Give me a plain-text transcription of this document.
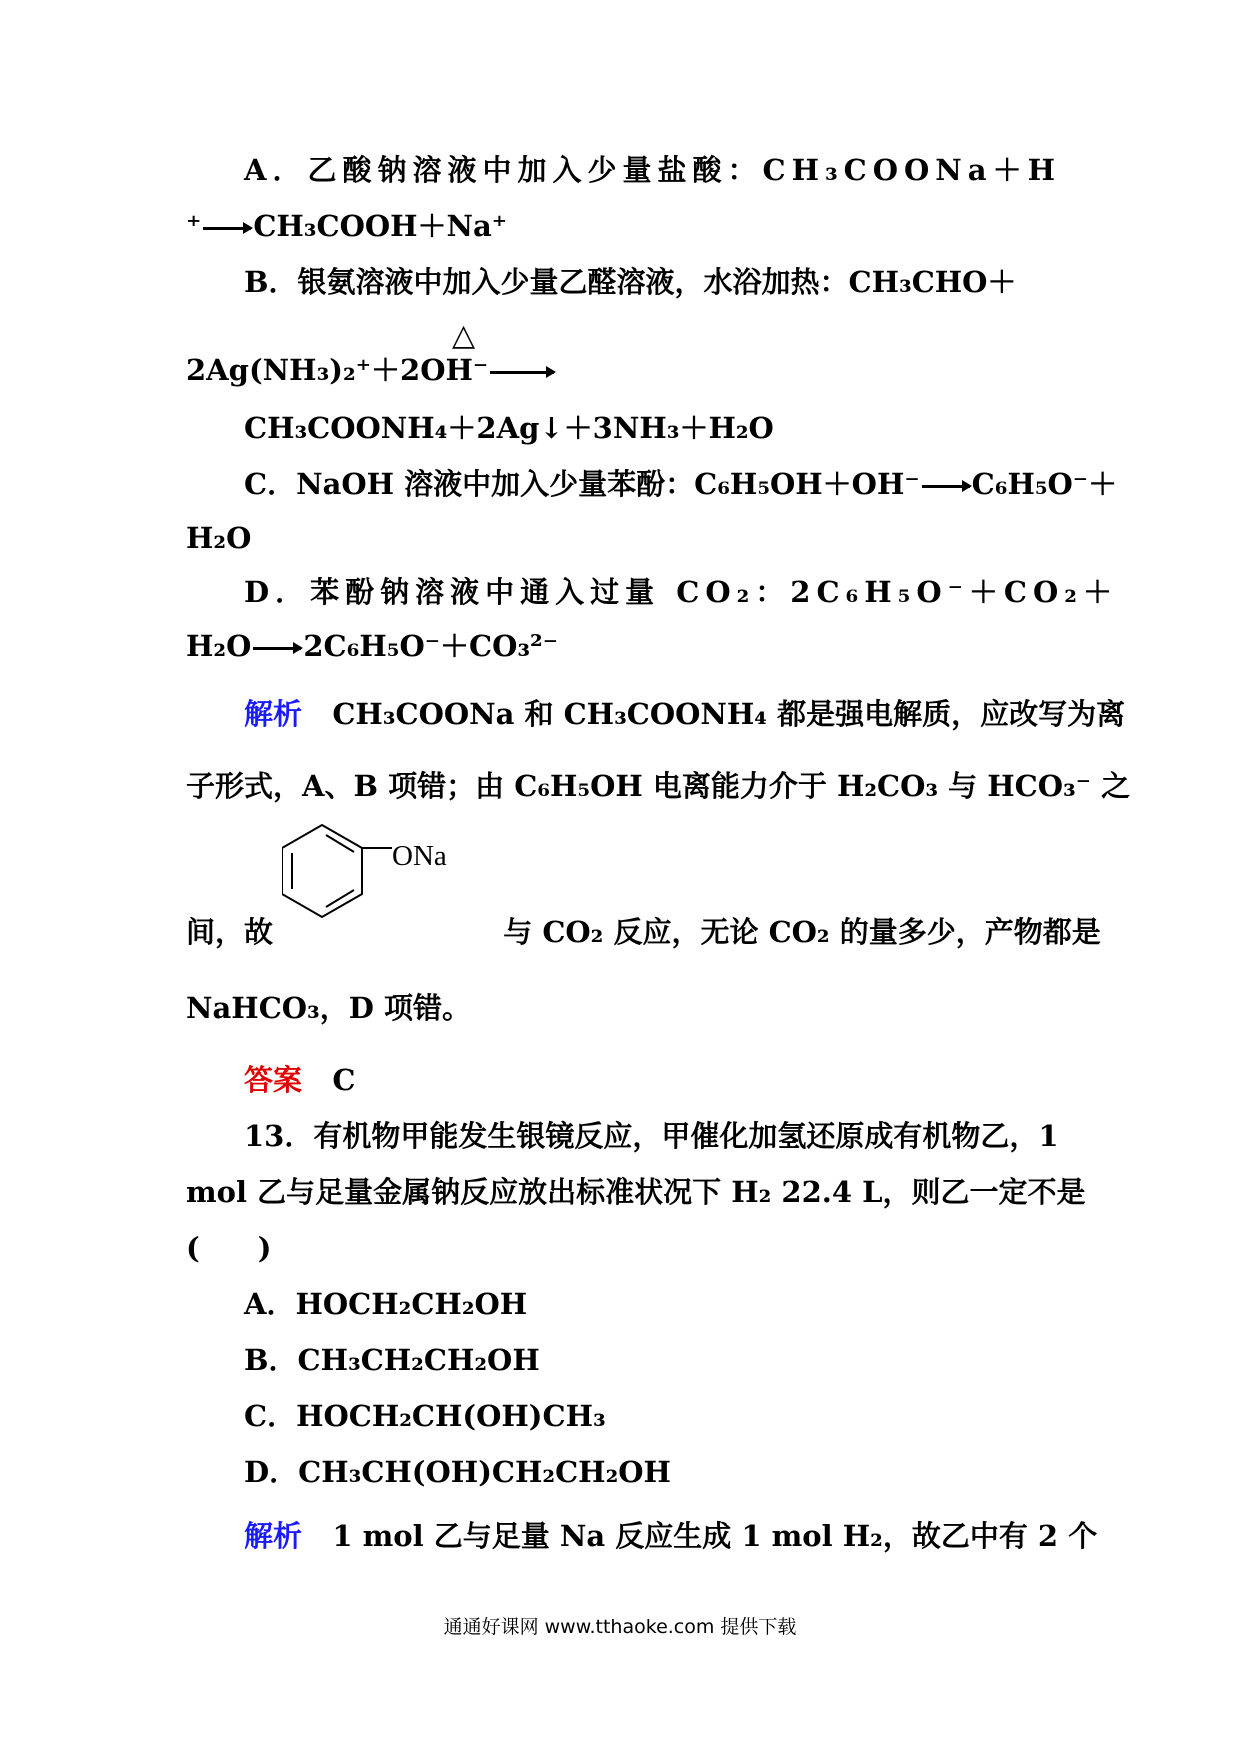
A．乙酸钠溶液中加入少量盐酸：CH₃COONa＋H
⁺ → CH₃COOH＋Na⁺
B．银氨溶液中加入少量乙醛溶液，水浴加热：CH₃CHO＋
△
2Ag(NH₃)₂⁺＋2OH⁻ →
CH₃COONH₄＋2Ag↓＋3NH₃＋H₂O
C．NaOH 溶液中加入少量苯酚：C₆H₅OH＋OH⁻ → C₆H₅O⁻＋
H₂O
D．苯酚钠溶液中通入过量 CO₂：2C₆H₅O⁻＋CO₂＋
H₂O → 2C₆H₅O⁻＋CO₃²⁻
解析 CH₃COONa 和 CH₃COONH₄ 都是强电解质，应改写为离
子形式，A、B 项错；由 C₆H₅OH 电离能力介于 H₂CO₃ 与 HCO₃⁻ 之
ONa
间，故	与 CO₂ 反应，无论 CO₂ 的量多少，产物都是
NaHCO₃，D 项错。
答案 C
13．有机物甲能发生银镜反应，甲催化加氢还原成有机物乙，1
mol 乙与足量金属钠反应放出标准状况下 H₂ 22.4 L，则乙一定不是
(　　)
A．HOCH₂CH₂OH
B．CH₃CH₂CH₂OH
C．HOCH₂CH(OH)CH₃
D．CH₃CH(OH)CH₂CH₂OH
解析 1 mol 乙与足量 Na 反应生成 1 mol H₂，故乙中有 2 个
通通好课网 www.tthaoke.com 提供下载
